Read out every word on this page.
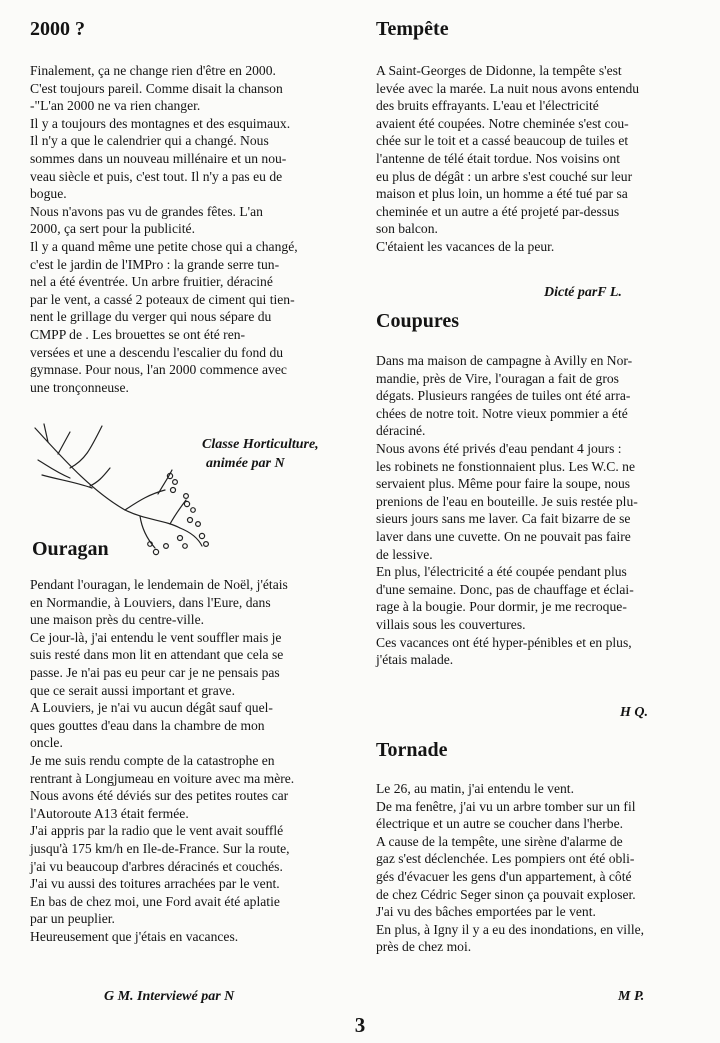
2000 ?
Finalement, ça ne change rien d'être en 2000.
C'est toujours pareil. Comme disait la chanson
-"L'an 2000 ne va rien changer.
Il y a toujours des montagnes et des esquimaux.
Il n'y a que le calendrier qui a changé. Nous
sommes dans un nouveau millénaire et un nou-
veau siècle et puis, c'est tout. Il n'y a pas eu de
bogue.
Nous n'avons pas vu de grandes fêtes. L'an
2000, ça sert pour la publicité.
Il y a quand même une petite chose qui a changé,
c'est le jardin de l'IMPro : la grande serre tun-
nel a été éventrée. Un arbre fruitier, déraciné
par le vent, a cassé 2 poteaux de ciment qui tien-
nent le grillage du verger qui nous sépare du
CMPP de . Les brouettes se ont été ren-
versées et une a descendu l'escalier du fond du
gymnase. Pour nous, l'an 2000 commence avec
une tronçonneuse.

Classe Horticulture,

animée par N

Ouragan
Pendant l'ouragan, le lendemain de Noël, j'étais
en Normandie, à Louviers, dans l'Eure, dans
une maison près du centre-ville.
Ce jour-là, j'ai entendu le vent souffler mais je
suis resté dans mon lit en attendant que cela se
passe. Je n'ai pas eu peur car je ne pensais pas
que ce serait aussi important et grave.
A Louviers, je n'ai vu aucun dégât sauf quel-
ques gouttes d'eau dans la chambre de mon
oncle.
Je me suis rendu compte de la catastrophe en
rentrant à Longjumeau en voiture avec ma mère.
Nous avons été déviés sur des petites routes car
l'Autoroute A13 était fermée.
J'ai appris par la radio que le vent avait soufflé
jusqu'à 175 km/h en Ile-de-France. Sur la route,
j'ai vu beaucoup d'arbres déracinés et couchés.
J'ai vu aussi des toitures arrachées par le vent.
En bas de chez moi, une Ford avait été aplatie
par un peuplier.
Heureusement que j'étais en vacances.

G M. Interviewé par N

Tempête
A Saint-Georges de Didonne, la tempête s'est
levée avec la marée. La nuit nous avons entendu
des bruits effrayants. L'eau et l'électricité
avaient été coupées. Notre cheminée s'est cou-
chée sur le toit et a cassé beaucoup de tuiles et
l'antenne de télé était tordue. Nos voisins ont
eu plus de dégât : un arbre s'est couché sur leur
maison et plus loin, un homme a été tué par sa
cheminée et un autre a été projeté par-dessus
son balcon.
C'étaient les vacances de la peur.

Dicté parF L.

Coupures
Dans ma maison de campagne à Avilly en Nor-
mandie, près de Vire, l'ouragan a fait de gros
dégats. Plusieurs rangées de tuiles ont été arra-
chées de notre toit. Notre vieux pommier a été
déraciné.
Nous avons été privés d'eau pendant 4 jours :
les robinets ne fonstionnaient plus. Les W.C. ne
servaient plus. Même pour faire la soupe, nous
prenions de l'eau en bouteille. Je suis restée plu-
sieurs jours sans me laver. Ca fait bizarre de se
laver dans une cuvette. On ne pouvait pas faire
de lessive.
En plus, l'électricité a été coupée pendant plus
d'une semaine. Donc, pas de chauffage et éclai-
rage à la bougie. Pour dormir, je me recroque-
villais sous les couvertures.
Ces vacances ont été hyper-pénibles et en plus,
j'étais malade.

H Q.

Tornade
Le 26, au matin, j'ai entendu le vent.
De ma fenêtre, j'ai vu un arbre tomber sur un fil
électrique et un autre se coucher dans l'herbe.
A cause de la tempête, une sirène d'alarme de
gaz s'est déclenchée. Les pompiers ont été obli-
gés d'évacuer les gens d'un appartement, à côté
de chez Cédric Seger sinon ça pouvait exploser.
J'ai vu des bâches emportées par le vent.
En plus, à Igny il y a eu des inondations, en ville,
près de chez moi.

M P.

3
